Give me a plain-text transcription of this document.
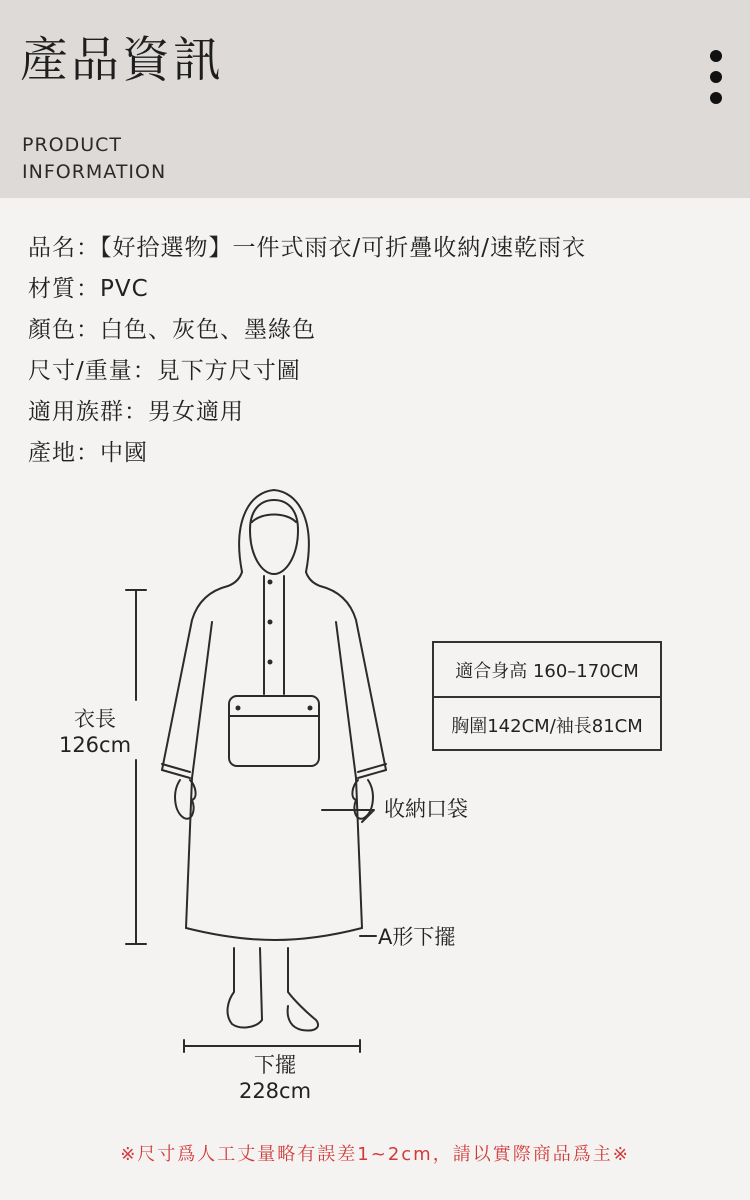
產品資訊
PRODUCT
INFORMATION
品名：【好拾選物】一件式雨衣/可折疊收納/速乾雨衣
材質：PVC
顏色：白色、灰色、墨綠色
尺寸/重量：見下方尺寸圖
適用族群：男女適用
產地：中國
衣長
126cm
適合身高 160–170CM
胸圍142CM/袖長81CM
收納口袋
A形下擺
下擺
228cm
※尺寸爲人工丈量略有誤差1~2cm，請以實際商品爲主※
